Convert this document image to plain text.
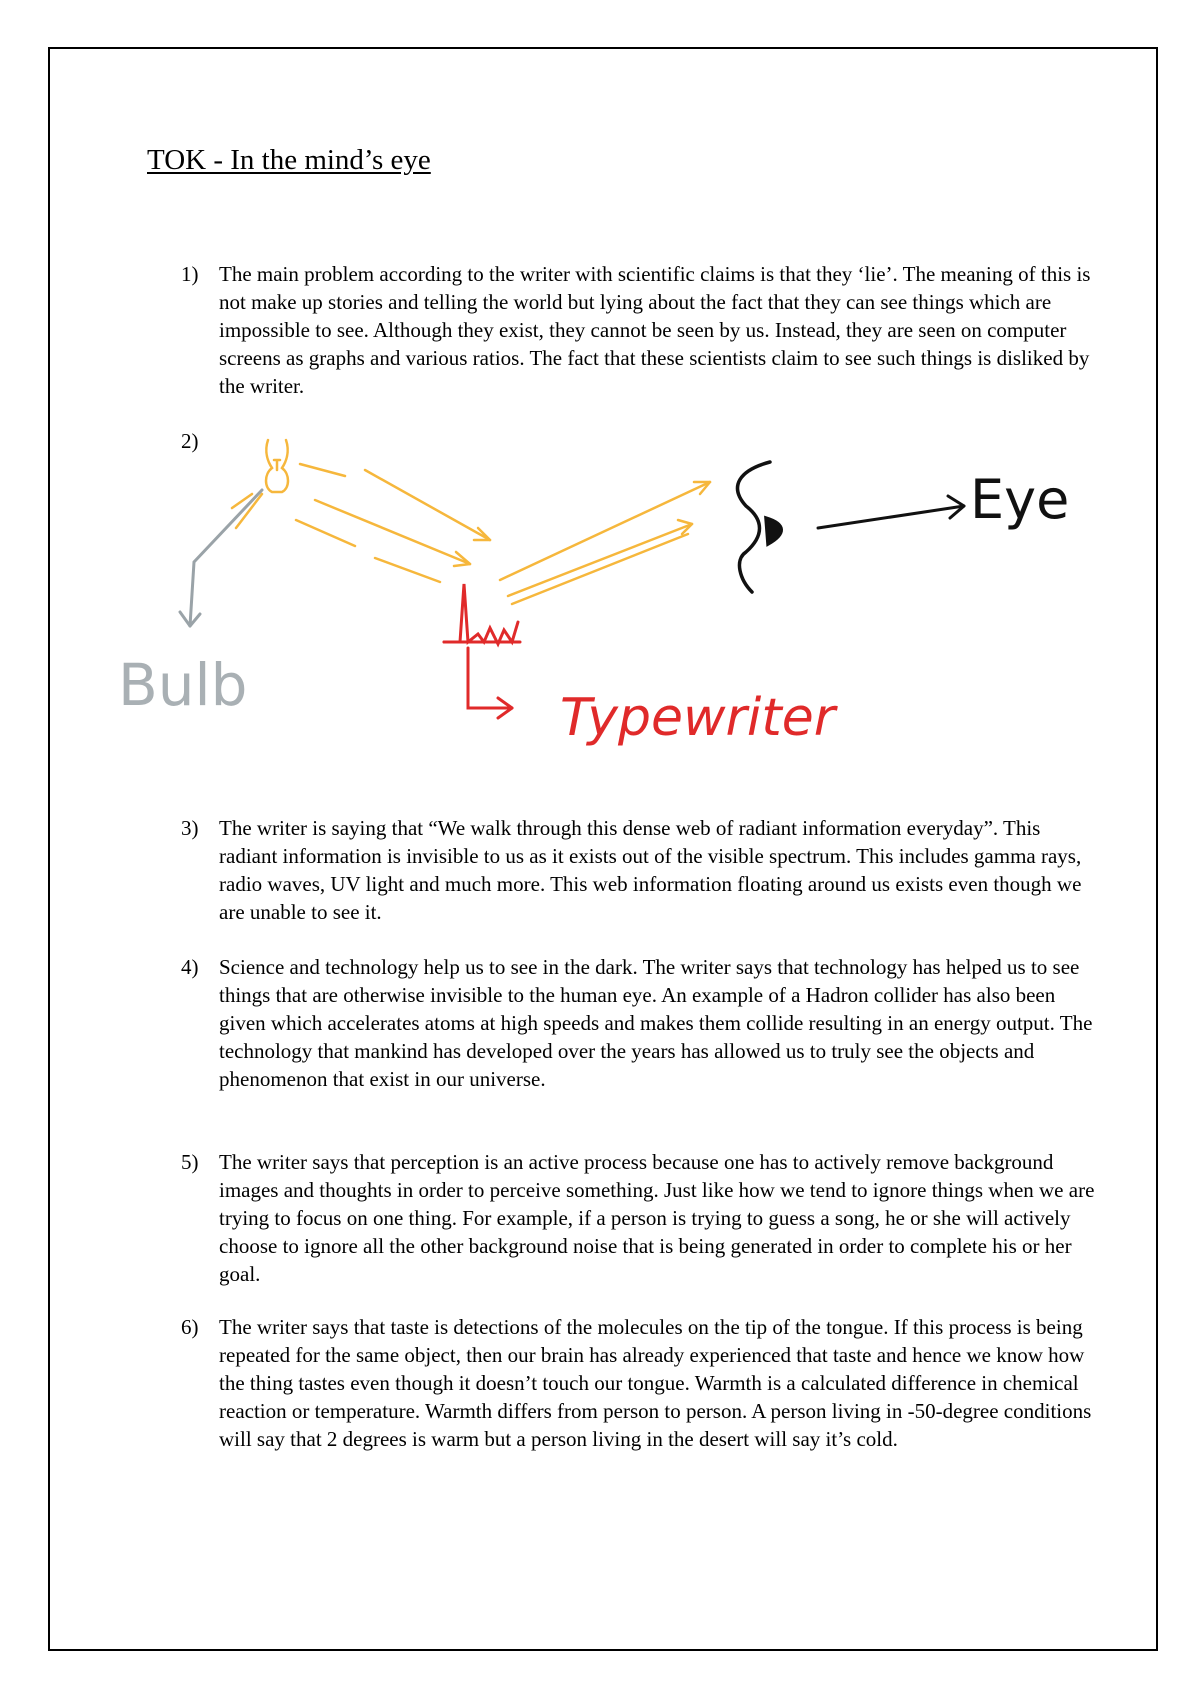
TOK - In the mind’s eye
1) The main problem according to the writer with scientific claims is that they ‘lie’. The meaning of this is not make up stories and telling the world but lying about the fact that they can see things which are impossible to see. Although they exist, they cannot be seen by us. Instead, they are seen on computer screens as graphs and various ratios. The fact that these scientists claim to see such things is disliked by the writer.
2)
Bulb	Typewriter
Eye
3) The writer is saying that “We walk through this dense web of radiant information everyday”. This radiant information is invisible to us as it exists out of the visible spectrum. This includes gamma rays, radio waves, UV light and much more. This web information floating around us exists even though we are unable to see it.
4) Science and technology help us to see in the dark. The writer says that technology has helped us to see things that are otherwise invisible to the human eye. An example of a Hadron collider has also been given which accelerates atoms at high speeds and makes them collide resulting in an energy output. The technology that mankind has developed over the years has allowed us to truly see the objects and phenomenon that exist in our universe.
5) The writer says that perception is an active process because one has to actively remove background images and thoughts in order to perceive something. Just like how we tend to ignore things when we are trying to focus on one thing. For example, if a person is trying to guess a song, he or she will actively choose to ignore all the other background noise that is being generated in order to complete his or her goal.
6) The writer says that taste is detections of the molecules on the tip of the tongue. If this process is being repeated for the same object, then our brain has already experienced that taste and hence we know how the thing tastes even though it doesn’t touch our tongue. Warmth is a calculated difference in chemical reaction or temperature. Warmth differs from person to person. A person living in -50-degree conditions will say that 2 degrees is warm but a person living in the desert will say it’s cold.
